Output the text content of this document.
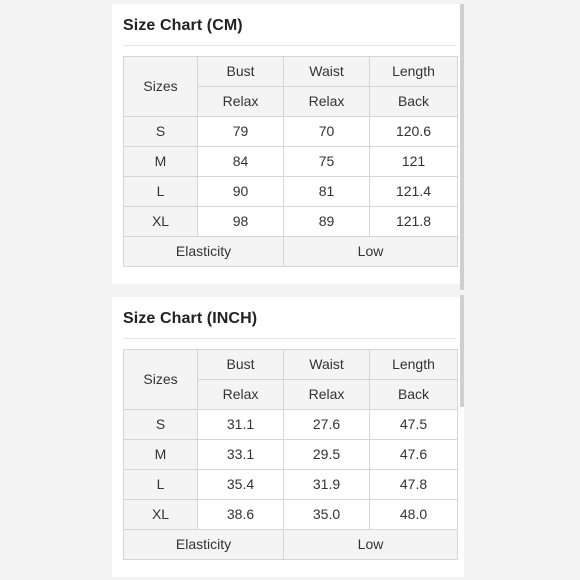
Size Chart (CM)
Sizes	Bust	Waist	Length
	Relax	Relax	Back
S	79	70	120.6
M	84	75	121
L	90	81	121.4
XL	98	89	121.8
Elasticity		Low	
Size Chart (INCH)
Sizes	Bust	Waist	Length
	Relax	Relax	Back
S	31.1	27.6	47.5
M	33.1	29.5	47.6
L	35.4	31.9	47.8
XL	38.6	35.0	48.0
Elasticity		Low	
